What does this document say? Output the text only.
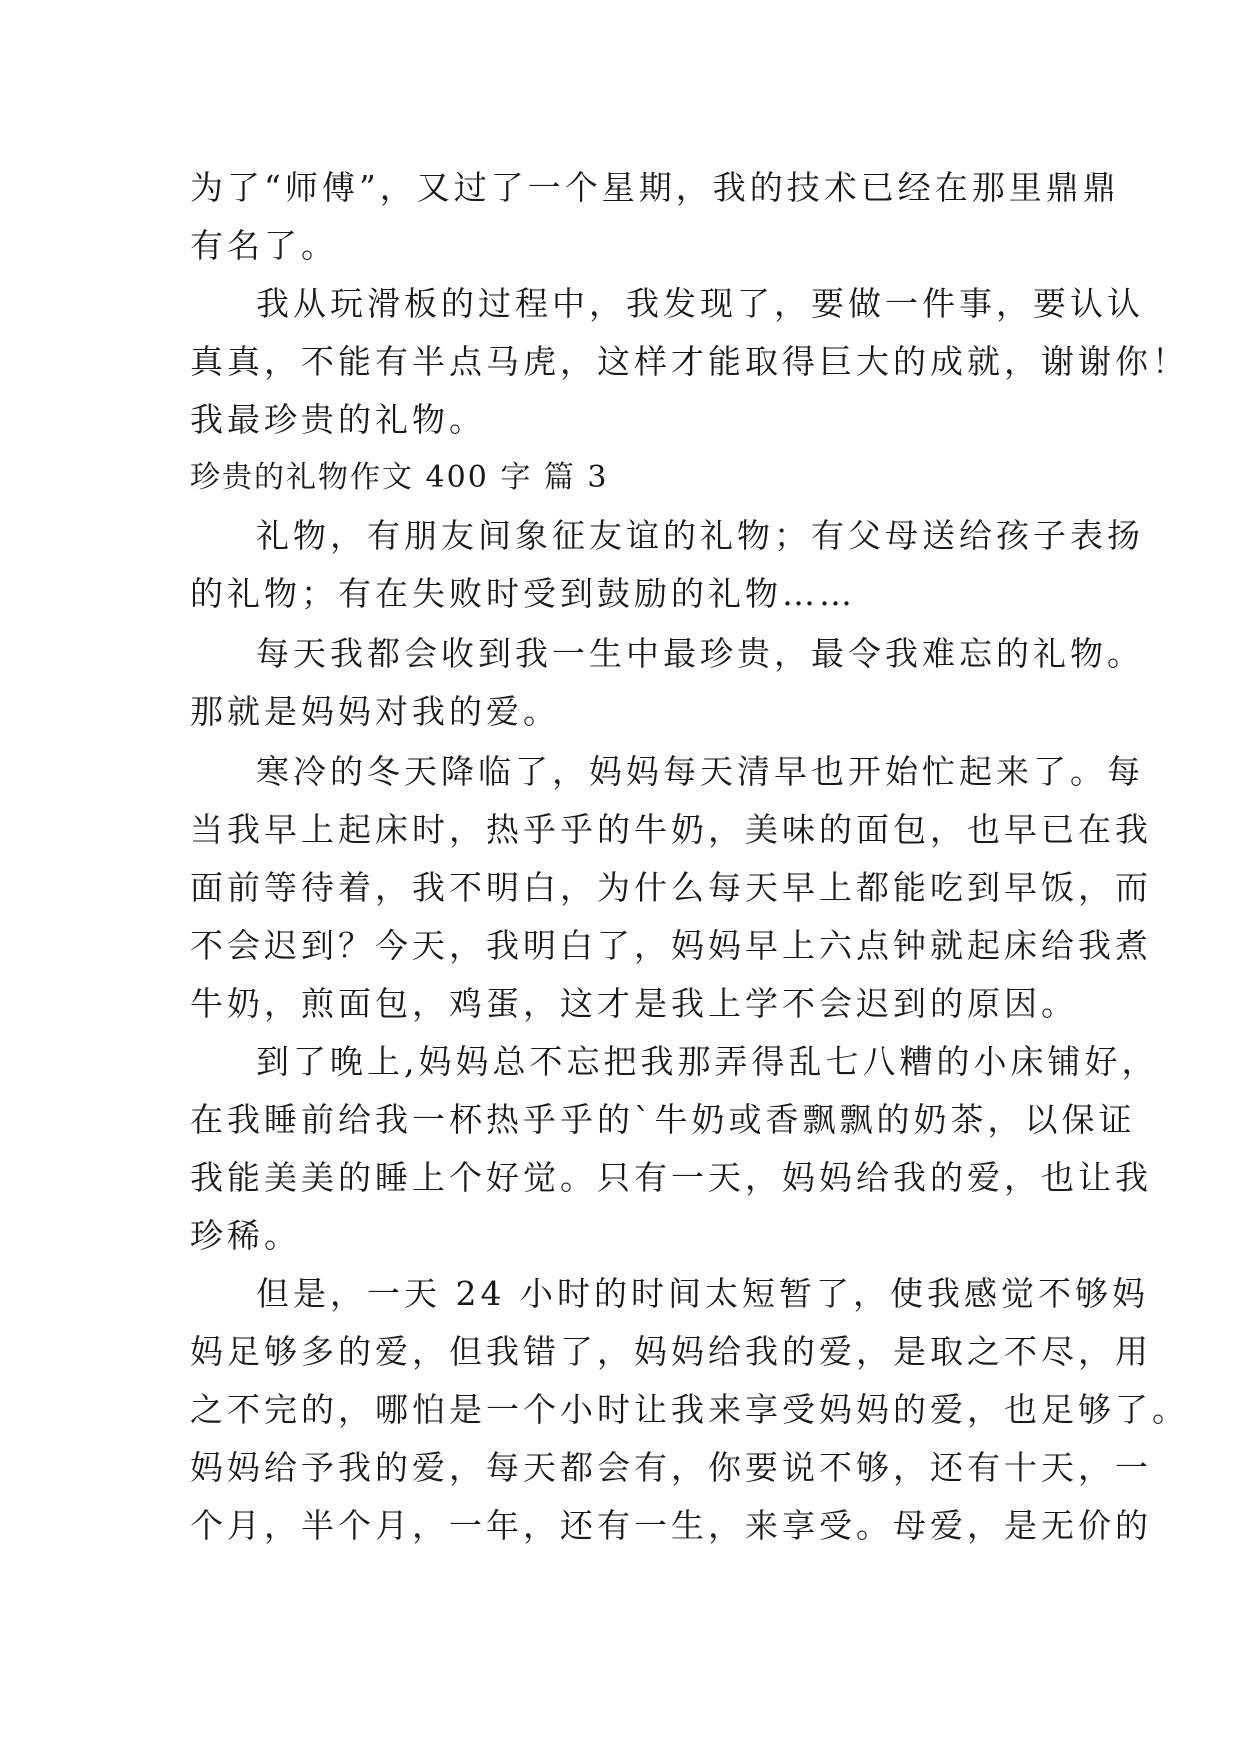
为了“师傅”，又过了一个星期，我的技术已经在那里鼎鼎
有名了。
我从玩滑板的过程中，我发现了，要做一件事，要认认
真真，不能有半点马虎，这样才能取得巨大的成就，谢谢你！
我最珍贵的礼物。
珍贵的礼物作文 400 字 篇 3
礼物，有朋友间象征友谊的礼物；有父母送给孩子表扬
的礼物；有在失败时受到鼓励的礼物……
每天我都会收到我一生中最珍贵，最令我难忘的礼物。
那就是妈妈对我的爱。
寒冷的冬天降临了，妈妈每天清早也开始忙起来了。每
当我早上起床时，热乎乎的牛奶，美味的面包，也早已在我
面前等待着，我不明白，为什么每天早上都能吃到早饭，而
不会迟到？今天，我明白了，妈妈早上六点钟就起床给我煮
牛奶，煎面包，鸡蛋，这才是我上学不会迟到的原因。
到了晚上,妈妈总不忘把我那弄得乱七八糟的小床铺好，
在我睡前给我一杯热乎乎的`牛奶或香飘飘的奶茶，以保证
我能美美的睡上个好觉。只有一天，妈妈给我的爱，也让我
珍稀。
但是，一天 24 小时的时间太短暂了，使我感觉不够妈
妈足够多的爱，但我错了，妈妈给我的爱，是取之不尽，用
之不完的，哪怕是一个小时让我来享受妈妈的爱，也足够了。
妈妈给予我的爱，每天都会有，你要说不够，还有十天，一
个月，半个月，一年，还有一生，来享受。母爱，是无价的
